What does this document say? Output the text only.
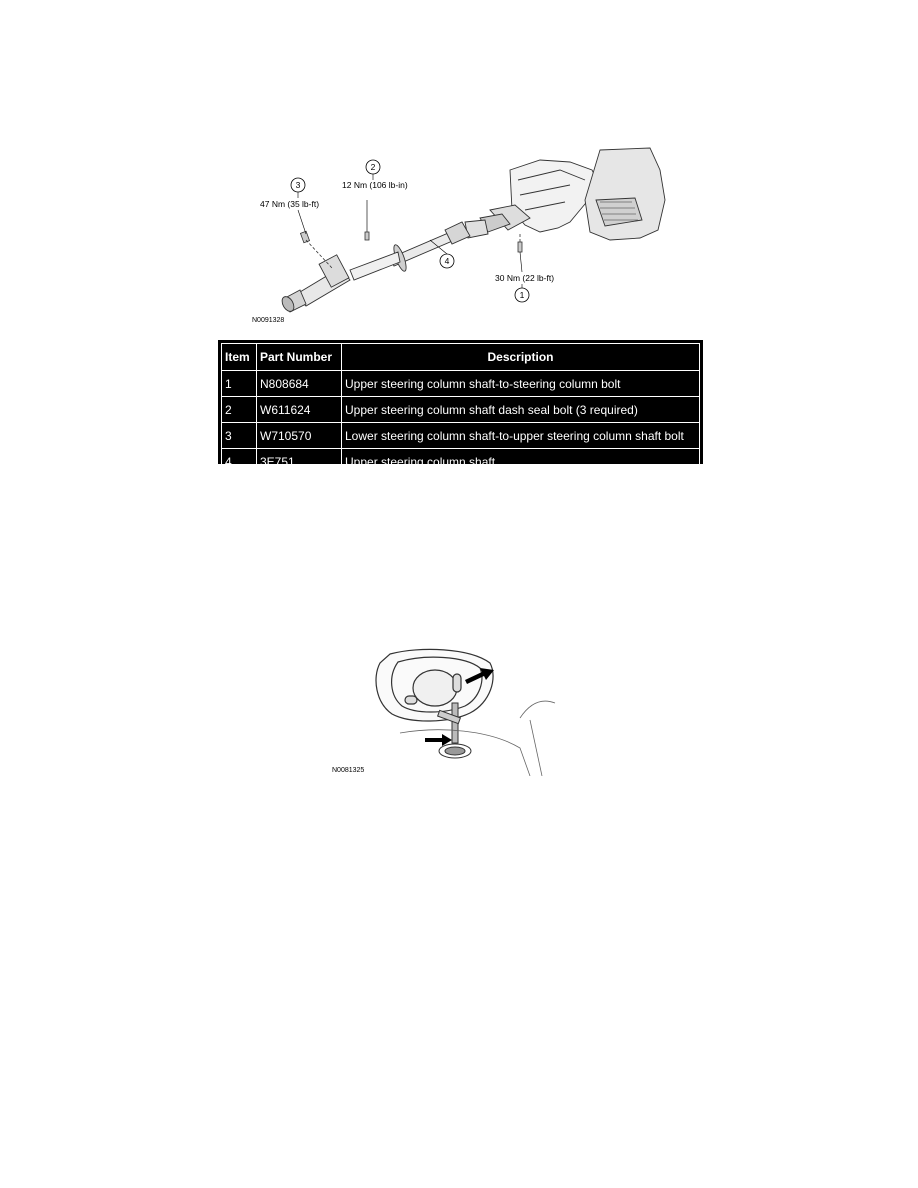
3
47 Nm (35 lb-ft)
2
12 Nm (106 lb-in)
4
30 Nm (22 lb-ft)
1
N0091328
Item	Part Number	Description
1	N808684	Upper steering column shaft-to-steering column bolt
2	W611624	Upper steering column shaft dash seal bolt (3 required)
3	W710570	Lower steering column shaft-to-upper steering column shaft bolt
4	3E751	Upper steering column shaft
N0081325
